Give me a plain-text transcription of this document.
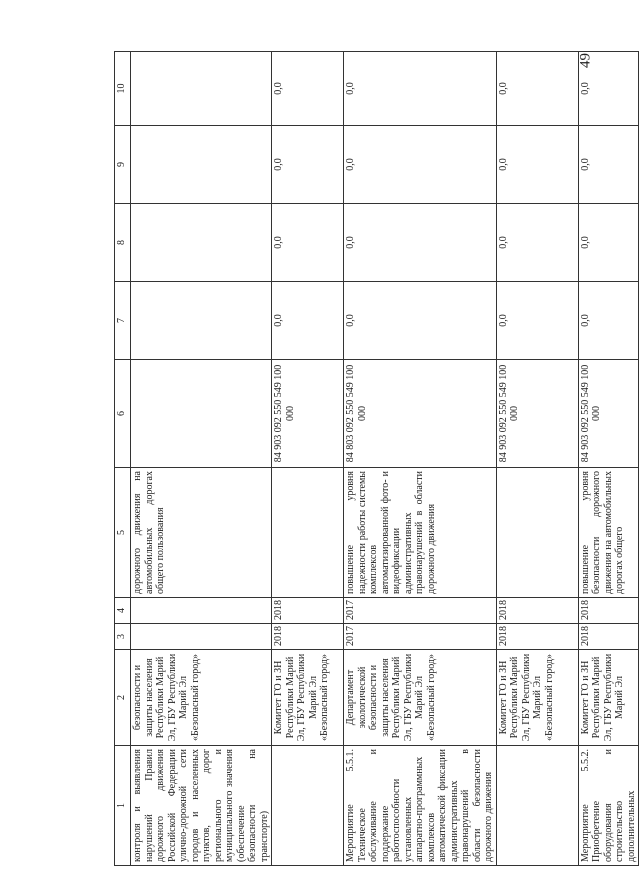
49
1	2	3	4	5	6	7	8	9	10
контроля и выявления нарушений Правил дорожного движения Российской Федерации улично-дорожной сети городов и населенных пунктов, дорог регионального и муниципального значения (обеспечение безопасности на транспорте)	безопасности и защиты населения Республики Марий Эл, ГБУ Республики Марий Эл «Безопасный город»			дорожного движения на автомобильных дорогах общего пользования					
	Комитет ГО и ЗН Республики Марий Эл, ГБУ Республики Марий Эл «Безопасный город»	2018	2018		84 903 092 550 549 100 000	0,0	0,0	0,0	0,0
Мероприятие 5.5.1. Техническое обслуживание и поддержание работоспособности установленных аппаратно-программных комплексов автоматической фиксации административных правонарушений в области безопасности дорожного движения	Департамент экологической безопасности и защиты населения Республики Марий Эл, ГБУ Республики Марий Эл «Безопасный город»	2017	2017	повышение уровня надежности работы системы комплексов автоматизированной фото- и видеофиксации административных правонарушений в области дорожного движения	84 803 092 550 549 100 000	0,0	0,0	0,0	0,0
	Комитет ГО и ЗН Республики Марий Эл, ГБУ Республики Марий Эл «Безопасный город»	2018	2018		84 903 092 550 549 100 000	0,0	0,0	0,0	0,0
Мероприятие 5.5.2. Приобретение оборудования и строительство дополнительных	Комитет ГО и ЗН Республики Марий Эл, ГБУ Республики Марий Эл	2018	2018	повышение уровня безопасности дорожного движения на автомобильных дорогах общего	84 903 092 550 549 100 000	0,0	0,0	0,0	0,0
